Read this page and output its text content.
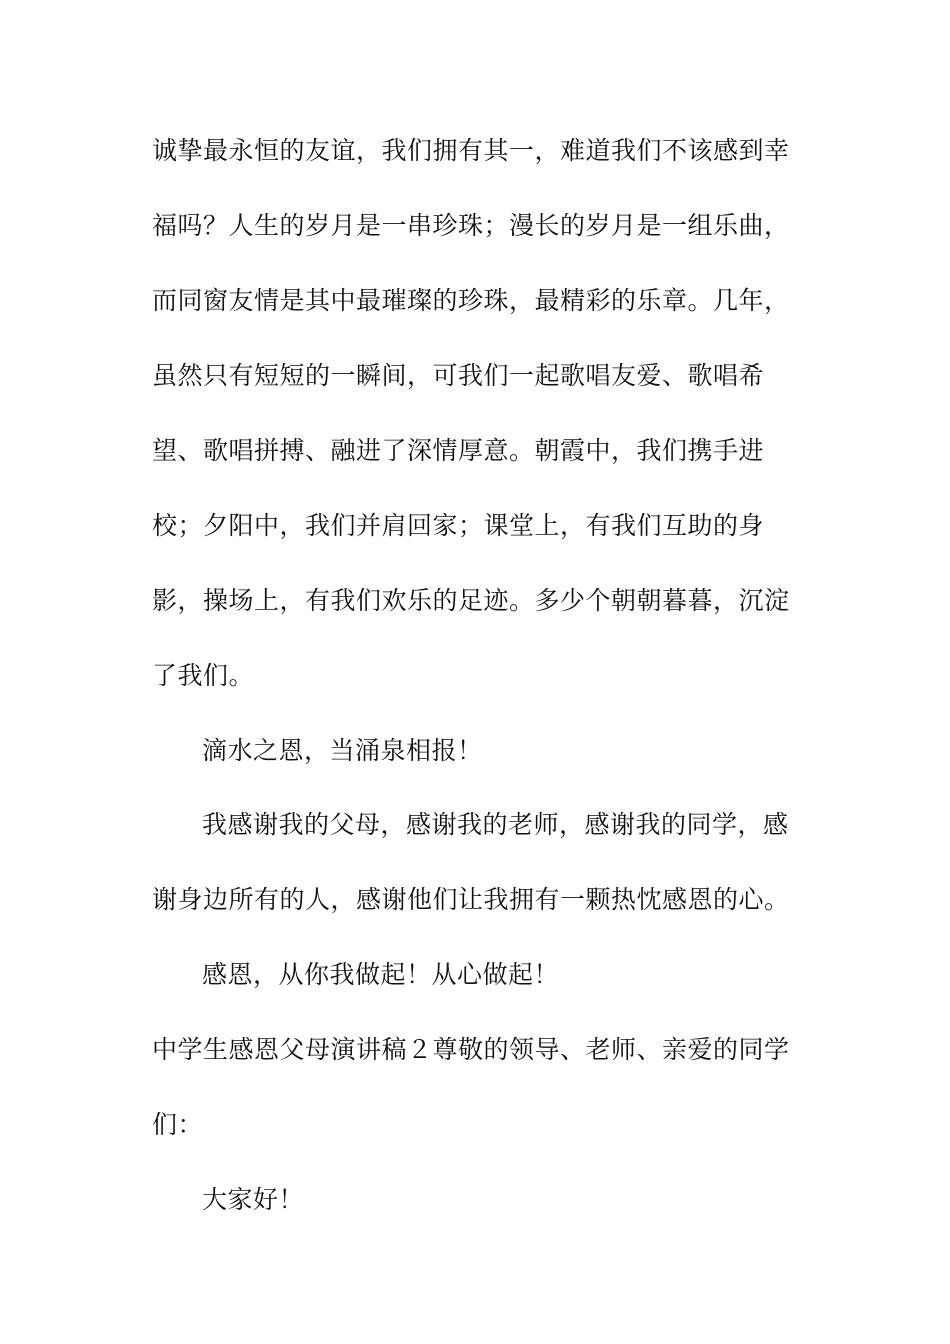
诚挚最永恒的友谊，我们拥有其一，难道我们不该感到幸
福吗？人生的岁月是一串珍珠；漫长的岁月是一组乐曲，
而同窗友情是其中最璀璨的珍珠，最精彩的乐章。几年，
虽然只有短短的一瞬间，可我们一起歌唱友爱、歌唱希
望、歌唱拼搏、融进了深情厚意。朝霞中，我们携手进
校；夕阳中，我们并肩回家；课堂上，有我们互助的身
影，操场上，有我们欢乐的足迹。多少个朝朝暮暮，沉淀
了我们。
滴水之恩，当涌泉相报！
我感谢我的父母，感谢我的老师，感谢我的同学，感
谢身边所有的人，感谢他们让我拥有一颗热忱感恩的心。
感恩，从你我做起！从心做起！
中学生感恩父母演讲稿２尊敬的领导、老师、亲爱的同学
们：
大家好！
